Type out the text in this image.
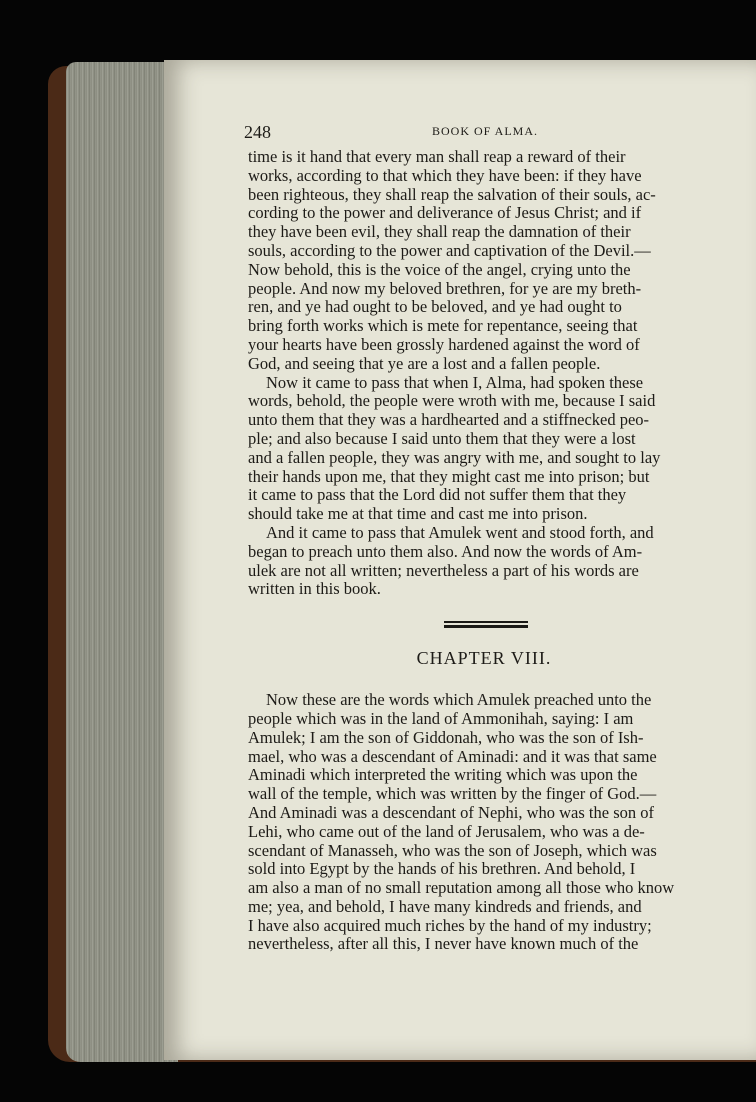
248	BOOK OF ALMA.
time is it hand that every man shall reap a reward of their
works, according to that which they have been: if they have
been righteous, they shall reap the salvation of their souls, ac-
cording to the power and deliverance of Jesus Christ; and if
they have been evil, they shall reap the damnation of their
souls, according to the power and captivation of the Devil.—
Now behold, this is the voice of the angel, crying unto the
people. And now my beloved brethren, for ye are my breth-
ren, and ye had ought to be beloved, and ye had ought to
bring forth works which is mete for repentance, seeing that
your hearts have been grossly hardened against the word of
God, and seeing that ye are a lost and a fallen people.
Now it came to pass that when I, Alma, had spoken these
words, behold, the people were wroth with me, because I said
unto them that they was a hardhearted and a stiffnecked peo-
ple; and also because I said unto them that they were a lost
and a fallen people, they was angry with me, and sought to lay
their hands upon me, that they might cast me into prison; but
it came to pass that the Lord did not suffer them that they
should take me at that time and cast me into prison.
And it came to pass that Amulek went and stood forth, and
began to preach unto them also. And now the words of Am-
ulek are not all written; nevertheless a part of his words are
written in this book.
CHAPTER VIII.
Now these are the words which Amulek preached unto the
people which was in the land of Ammonihah, saying: I am
Amulek; I am the son of Giddonah, who was the son of Ish-
mael, who was a descendant of Aminadi: and it was that same
Aminadi which interpreted the writing which was upon the
wall of the temple, which was written by the finger of God.—
And Aminadi was a descendant of Nephi, who was the son of
Lehi, who came out of the land of Jerusalem, who was a de-
scendant of Manasseh, who was the son of Joseph, which was
sold into Egypt by the hands of his brethren. And behold, I
am also a man of no small reputation among all those who know
me; yea, and behold, I have many kindreds and friends, and
I have also acquired much riches by the hand of my industry;
nevertheless, after all this, I never have known much of the
